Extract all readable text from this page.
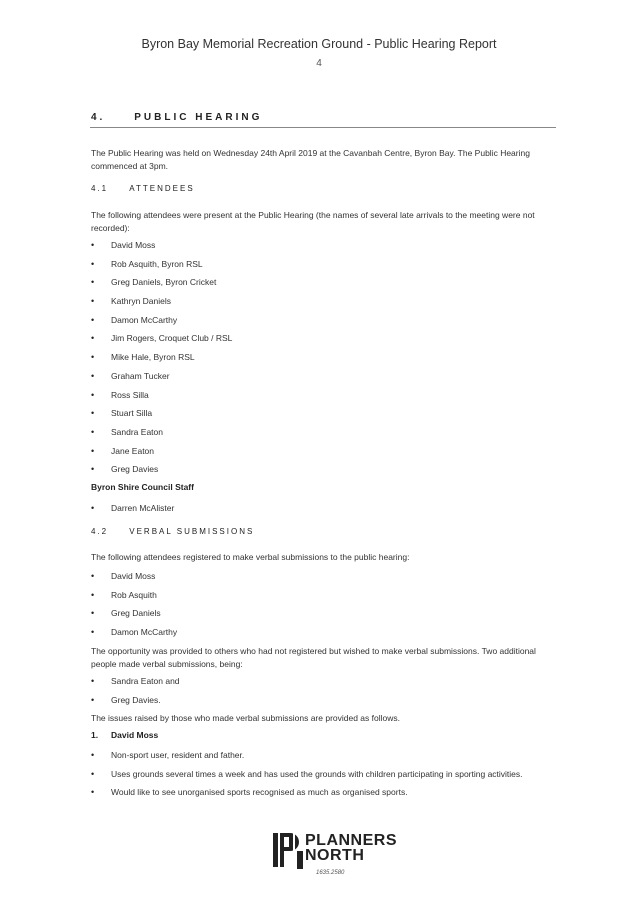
Byron Bay Memorial Recreation Ground - Public Hearing Report
4
4.	PUBLIC HEARING
The Public Hearing was held on Wednesday 24th April 2019 at the Cavanbah Centre, Byron Bay. The Public Hearing commenced at 3pm.
4.1	ATTENDEES
The following attendees were present at the Public Hearing (the names of several late arrivals to the meeting were not recorded):
• David Moss
• Rob Asquith, Byron RSL
• Greg Daniels, Byron Cricket
• Kathryn Daniels
• Damon McCarthy
• Jim Rogers, Croquet Club / RSL
• Mike Hale, Byron RSL
• Graham Tucker
• Ross Silla
• Stuart Silla
• Sandra Eaton
• Jane Eaton
• Greg Davies
Byron Shire Council Staff
• Darren McAlister
4.2	VERBAL SUBMISSIONS
The following attendees registered to make verbal submissions to the public hearing:
• David Moss
• Rob Asquith
• Greg Daniels
• Damon McCarthy
The opportunity was provided to others who had not registered but wished to make verbal submissions. Two additional people made verbal submissions, being:
• Sandra Eaton and
• Greg Davies.
The issues raised by those who made verbal submissions are provided as follows.
1. David Moss
• Non-sport user, resident and father.
• Uses grounds several times a week and has used the grounds with children participating in sporting activities.
• Would like to see unorganised sports recognised as much as organised sports.
PLANNERS
NORTH
1635.2580
